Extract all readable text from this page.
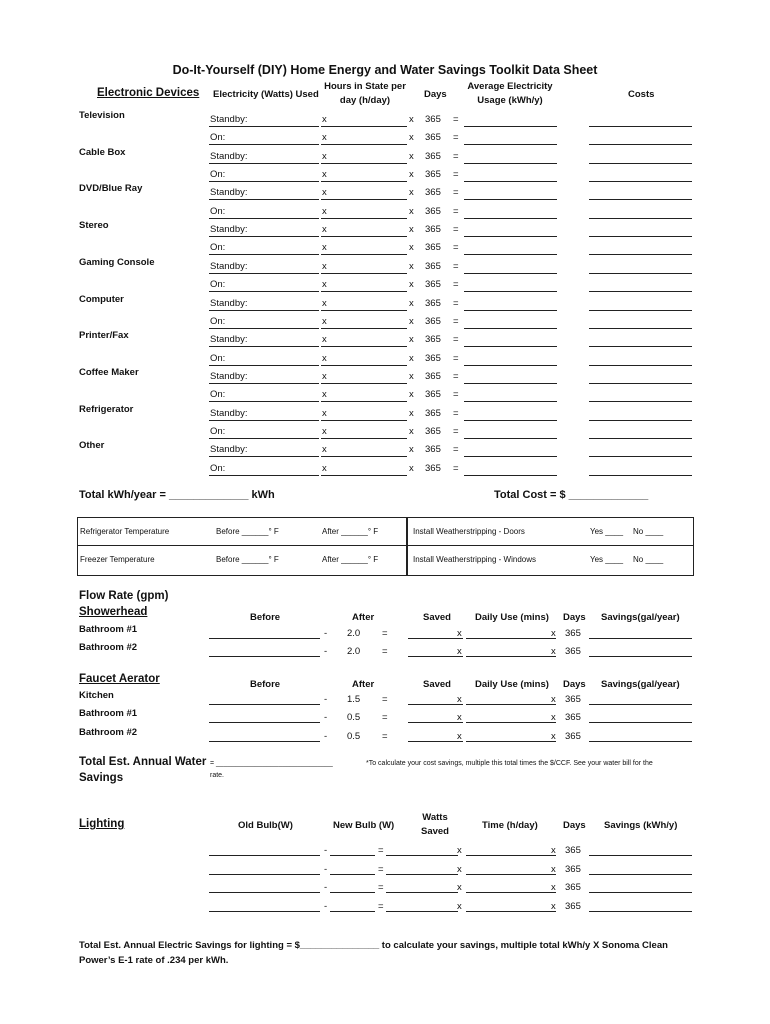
Do-It-Yourself (DIY) Home Energy and Water Savings Toolkit Data Sheet
Electronic Devices Electricity (Watts) Used
Hours in State per
day (h/day)
Days
Average Electricity
Usage (kWh/y)
Costs
Television	Standby:	x	x 365 =
On:	x	x 365 =
Cable Box	Standby:	x	x 365 =
On:	x	x 365 =
DVD/Blue Ray	Standby:	x	x 365 =
On:	x	x 365 =
Stereo	Standby:	x	x 365 =
On:	x	x 365 =
Gaming Console	Standby:	x	x 365 =
On:	x	x 365 =
Computer	Standby:	x	x 365 =
On:	x	x 365 =
Printer/Fax	Standby:	x	x 365 =
On:	x	x 365 =
Coffee Maker	Standby:	x	x 365 =
On:	x	x 365 =
Refrigerator	Standby:	x	x 365 =
On:	x	x 365 =
Other	Standby:	x	x 365 =
On:	x	x 365 =
Total kWh/year = _____________ kWh	Total Cost = $ _____________
Refrigerator Temperature	Before ______° F	After ______° F
Freezer Temperature	Before ______° F	After ______° F
Install Weatherstripping - Doors	Yes ____ No ____
Install Weatherstripping - Windows	Yes ____ No ____
Flow Rate (gpm)
Showerhead	Before	After	Saved	Daily Use (mins) Days Savings(gal/year)
Before	After	Saved	Daily Use (mins) Days Savings(gal/year)
Bathroom #1	- 2.0 =	x	x 365
Bathroom #2	- 2.0 =	x	x 365
Kitchen	- 1.5 =	x	x 365
Bathroom #1	- 0.5 =	x	x 365
Bathroom #2	- 0.5 =	x	x 365
Faucet Aerator
Total Est. Annual Water
Savings
= ______________________________	*To calculate your cost savings, multiple this total times the $/CCF. See your water bill for the
rate.
Lighting	Old Bulb(W)	New Bulb (W)
Watts
Saved
Time (h/day)	Days Savings (kWh/y)
-	=	x	x 365
-	=	x	x 365
-	=	x	x 365
-	=	x	x 365
Total Est. Annual Electric Savings for lighting = $_______________ to calculate your savings, multiple total kWh/y X Sonoma Clean
Power’s E-1 rate of .234 per kWh.
